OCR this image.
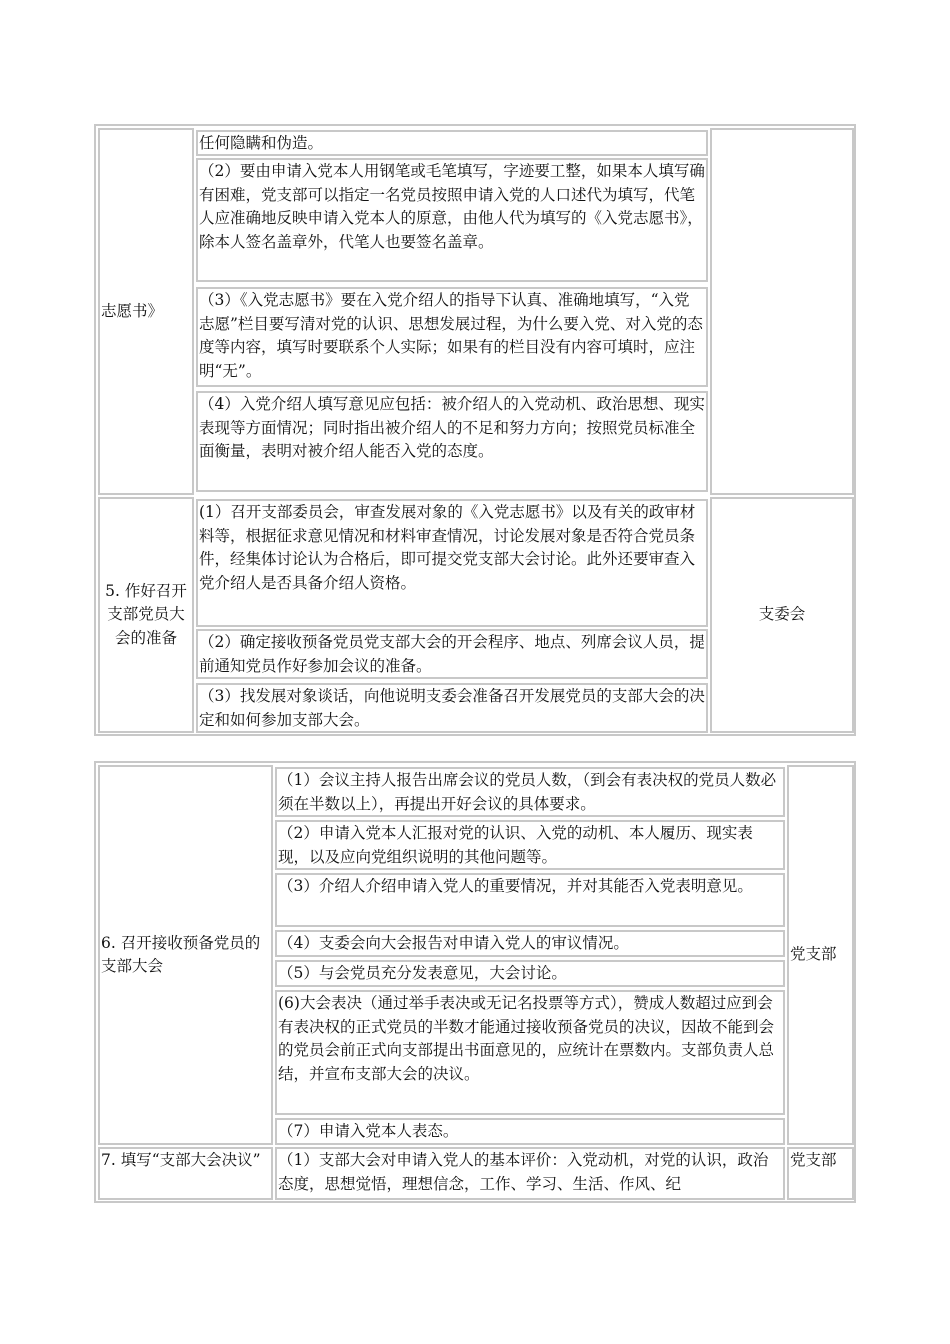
志愿书》
任何隐瞒和伪造。
（2）要由申请入党本人用钢笔或毛笔填写，字迹要工整，如果本人填写确有困难，党支部可以指定一名党员按照申请入党的人口述代为填写，代笔人应准确地反映申请入党本人的原意，由他人代为填写的《入党志愿书》，除本人签名盖章外，代笔人也要签名盖章。
（3）《入党志愿书》要在入党介绍人的指导下认真、准确地填写，“入党志愿”栏目要写清对党的认识、思想发展过程，为什么要入党、对入党的态度等内容，填写时要联系个人实际；如果有的栏目没有内容可填时，应注明“无”。
（4）入党介绍人填写意见应包括：被介绍人的入党动机、政治思想、现实表现等方面情况；同时指出被介绍人的不足和努力方向；按照党员标准全面衡量，表明对被介绍人能否入党的态度。
5. 作好召开支部党员大会的准备
(1）召开支部委员会，审查发展对象的《入党志愿书》以及有关的政审材料等，根据征求意见情况和材料审查情况，讨论发展对象是否符合党员条件，经集体讨论认为合格后，即可提交党支部大会讨论。此外还要审查入党介绍人是否具备介绍人资格。
（2）确定接收预备党员党支部大会的开会程序、地点、列席会议人员，提前通知党员作好参加会议的准备。
（3）找发展对象谈话，向他说明支委会准备召开发展党员的支部大会的决定和如何参加支部大会。
支委会
6. 召开接收预备党员的支部大会
（1）会议主持人报告出席会议的党员人数，（到会有表决权的党员人数必须在半数以上），再提出开好会议的具体要求。
（2）申请入党本人汇报对党的认识、入党的动机、本人履历、现实表现，以及应向党组织说明的其他问题等。
（3）介绍人介绍申请入党人的重要情况，并对其能否入党表明意见。
（4）支委会向大会报告对申请入党人的审议情况。
（5）与会党员充分发表意见，大会讨论。
(6)大会表决（通过举手表决或无记名投票等方式），赞成人数超过应到会有表决权的正式党员的半数才能通过接收预备党员的决议，因故不能到会的党员会前正式向支部提出书面意见的，应统计在票数内。支部负责人总结，并宣布支部大会的决议。
（7）申请入党本人表态。
党支部
7. 填写“支部大会决议”	（1）支部大会对申请入党人的基本评价：入党动机，对党的认识，政治态度，思想觉悟，理想信念，工作、学习、生活、作风、纪
党支部
